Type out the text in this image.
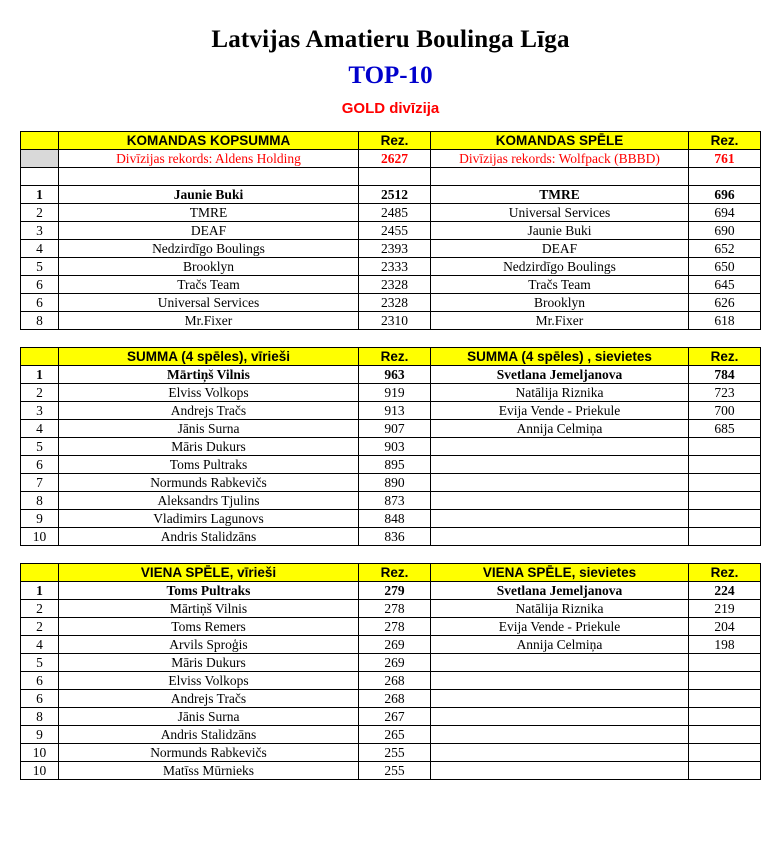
Latvijas Amatieru Boulinga Līga
TOP-10
GOLD divīzija
	KOMANDAS KOPSUMMA	Rez.	KOMANDAS SPĒLE	Rez.
	Divīzijas rekords: Aldens Holding	2627	Divīzijas rekords: Wolfpack (BBBD)	761

1	Jaunie Buki	2512	TMRE	696
2	TMRE	2485	Universal Services	694
3	DEAF	2455	Jaunie Buki	690
4	Nedzirdīgo Boulings	2393	DEAF	652
5	Brooklyn	2333	Nedzirdīgo Boulings	650
6	Tračs Team	2328	Tračs Team	645
6	Universal Services	2328	Brooklyn	626
8	Mr.Fixer	2310	Mr.Fixer	618

	SUMMA (4 spēles), vīrieši	Rez.	SUMMA (4 spēles) , sievietes	Rez.
1	Mārtiņš Vilnis	963	Svetlana Jemeljanova	784
2	Elviss Volkops	919	Natālija Riznika	723
3	Andrejs Tračs	913	Evija Vende - Priekule	700
4	Jānis Surna	907	Annija Celmiņa	685
5	Māris Dukurs	903		
6	Toms Pultraks	895		
7	Normunds Rabkevičs	890		
8	Aleksandrs Tjulins	873		
9	Vladimirs Lagunovs	848		
10	Andris Stalidzāns	836		

	VIENA SPĒLE, vīrieši	Rez.	VIENA SPĒLE, sievietes	Rez.
1	Toms Pultraks	279	Svetlana Jemeljanova	224
2	Mārtiņš Vilnis	278	Natālija Riznika	219
2	Toms Remers	278	Evija Vende - Priekule	204
4	Arvils Sproģis	269	Annija Celmiņa	198
5	Māris Dukurs	269		
6	Elviss Volkops	268		
6	Andrejs Tračs	268		
8	Jānis Surna	267		
9	Andris Stalidzāns	265		
10	Normunds Rabkevičs	255		
10	Matīss Mūrnieks	255		
